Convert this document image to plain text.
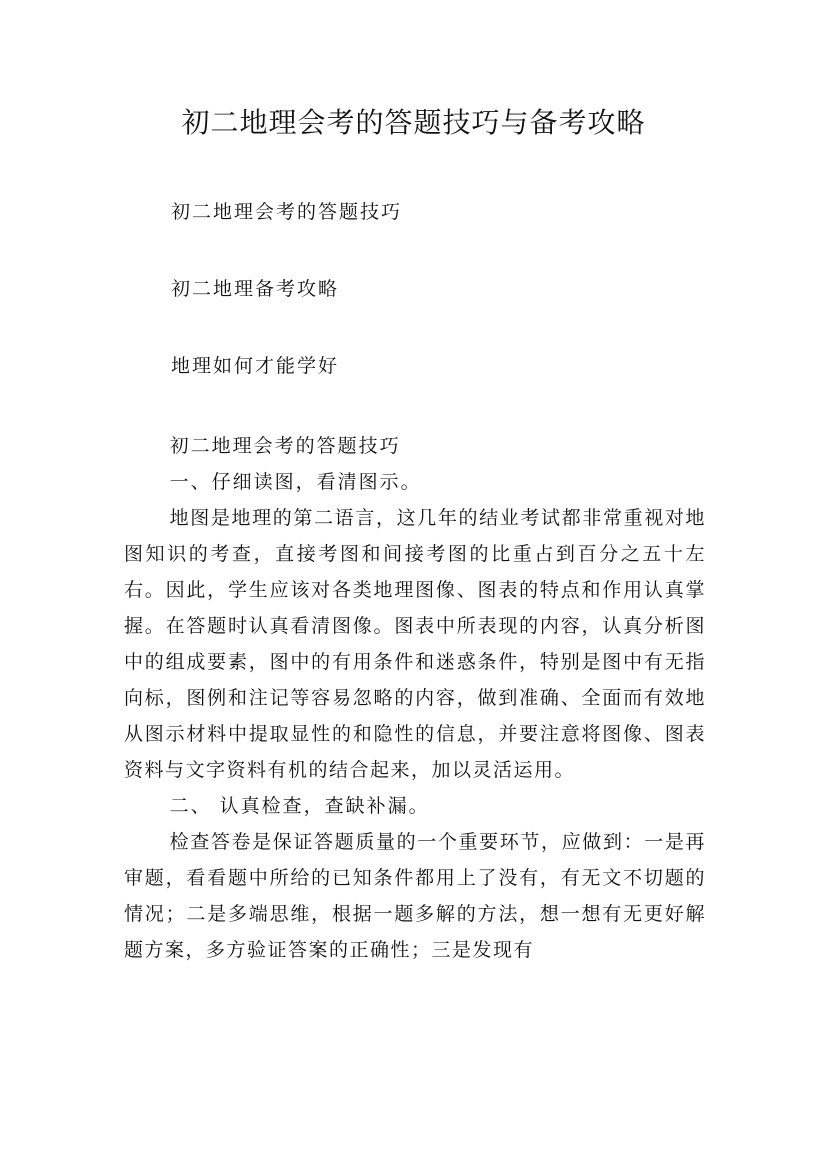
初二地理会考的答题技巧与备考攻略

初二地理会考的答题技巧

初二地理备考攻略

地理如何才能学好

初二地理会考的答题技巧

一、仔细读图，看清图示。

地图是地理的第二语言，这几年的结业考试都非常重视对地图知识的考查，直接考图和间接考图的比重占到百分之五十左右。因此，学生应该对各类地理图像、图表的特点和作用认真掌握。在答题时认真看清图像。图表中所表现的内容，认真分析图中的组成要素，图中的有用条件和迷惑条件，特别是图中有无指向标，图例和注记等容易忽略的内容，做到准确、全面而有效地从图示材料中提取显性的和隐性的信息，并要注意将图像、图表资料与文字资料有机的结合起来，加以灵活运用。

二、 认真检查，查缺补漏。

检查答卷是保证答题质量的一个重要环节，应做到：一是再审题，看看题中所给的已知条件都用上了没有，有无文不切题的情况；二是多端思维，根据一题多解的方法，想一想有无更好解题方案，多方验证答案的正确性；三是发现有
